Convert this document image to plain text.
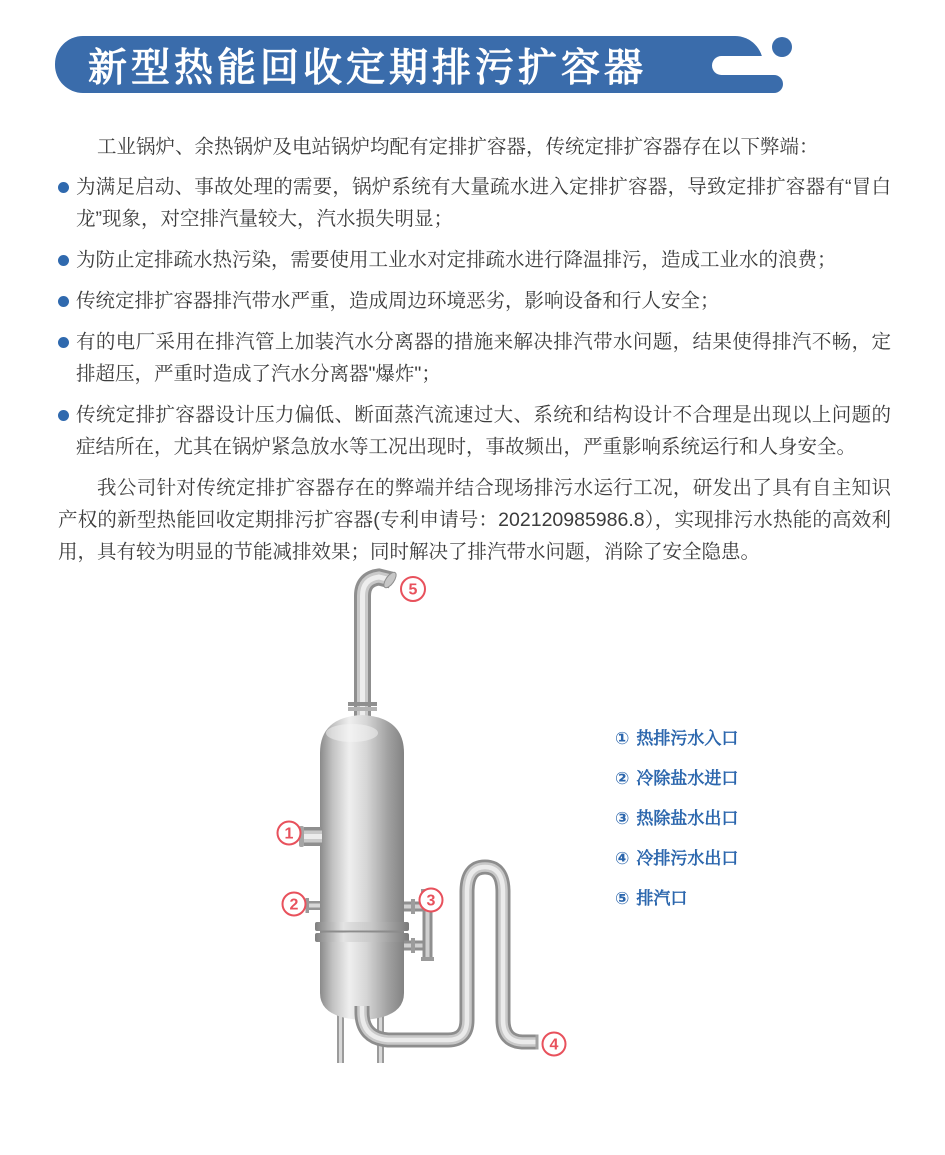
新型热能回收定期排污扩容器

工业锅炉、余热锅炉及电站锅炉均配有定排扩容器，传统定排扩容器存在以下弊端：

为满足启动、事故处理的需要，锅炉系统有大量疏水进入定排扩容器，导致定排扩容器有“冒白龙”现象，对空排汽量较大，汽水损失明显；
为防止定排疏水热污染，需要使用工业水对定排疏水进行降温排污，造成工业水的浪费；
传统定排扩容器排汽带水严重，造成周边环境恶劣，影响设备和行人安全；
有的电厂采用在排汽管上加装汽水分离器的措施来解决排汽带水问题，结果使得排汽不畅，定排超压，严重时造成了汽水分离器"爆炸"；
传统定排扩容器设计压力偏低、断面蒸汽流速过大、系统和结构设计不合理是出现以上问题的症结所在，尤其在锅炉紧急放水等工况出现时，事故频出，严重影响系统运行和人身安全。

我公司针对传统定排扩容器存在的弊端并结合现场排污水运行工况，研发出了具有自主知识产权的新型热能回收定期排污扩容器(专利申请号：202120985986.8），实现排污水热能的高效利用，具有较为明显的节能减排效果；同时解决了排汽带水问题，消除了安全隐患。

1
2	3
4
5
① 热排污水入口
② 冷除盐水进口
③ 热除盐水出口
④ 冷排污水出口
⑤ 排汽口
